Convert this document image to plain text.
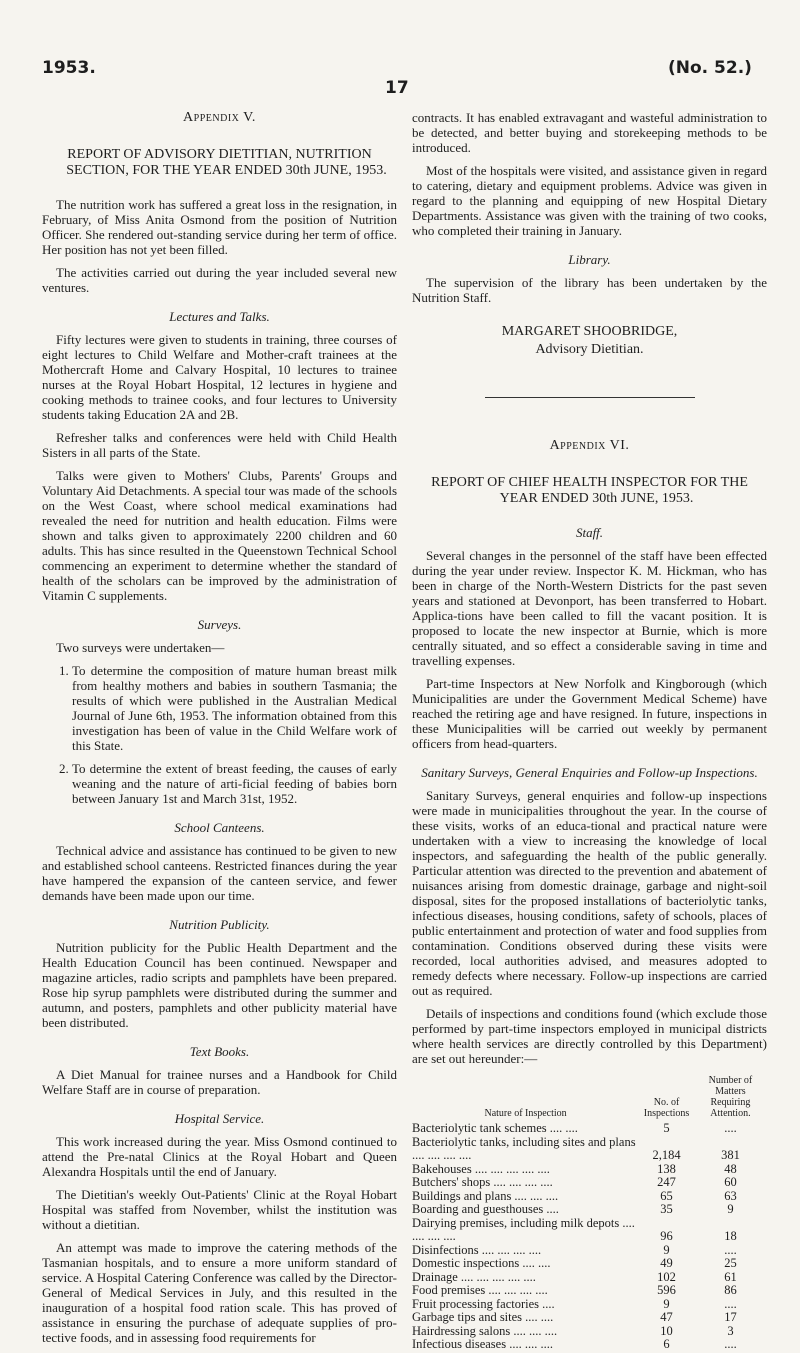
1953.	(No. 52.)
17
Appendix V.
REPORT OF ADVISORY DIETITIAN, NUTRITION SECTION, FOR THE YEAR ENDED 30th JUNE, 1953.

The nutrition work has suffered a great loss in the resignation, in February, of Miss Anita Osmond from the position of Nutrition Officer. She rendered out-standing service during her term of office. Her position has not yet been filled.

The activities carried out during the year included several new ventures.

Lectures and Talks.

Fifty lectures were given to students in training, three courses of eight lectures to Child Welfare and Mother-craft trainees at the Mothercraft Home and Calvary Hospital, 10 lectures to trainee nurses at the Royal Hobart Hospital, 12 lectures in hygiene and cooking methods to trainee cooks, and four lectures to University students taking Education 2A and 2B.

Refresher talks and conferences were held with Child Health Sisters in all parts of the State.

Talks were given to Mothers' Clubs, Parents' Groups and Voluntary Aid Detachments. A special tour was made of the schools on the West Coast, where school medical examinations had revealed the need for nutrition and health education. Films were shown and talks given to approximately 2200 children and 60 adults. This has since resulted in the Queenstown Technical School commencing an experiment to determine whether the standard of health of the scholars can be improved by the administration of Vitamin C supplements.

Surveys.

Two surveys were undertaken—

1. To determine the composition of mature human breast milk from healthy mothers and babies in southern Tasmania; the results of which were published in the Australian Medical Journal of June 6th, 1953. The information obtained from this investigation has been of value in the Child Welfare work of this State.
2. To determine the extent of breast feeding, the causes of early weaning and the nature of arti-ficial feeding of babies born between January 1st and March 31st, 1952.
School Canteens.

Technical advice and assistance has continued to be given to new and established school canteens. Restricted finances during the year have hampered the expansion of the canteen service, and fewer demands have been made upon our time.

Nutrition Publicity.

Nutrition publicity for the Public Health Department and the Health Education Council has been continued. Newspaper and magazine articles, radio scripts and pamphlets have been prepared. Rose hip syrup pamphlets were distributed during the summer and autumn, and posters, pamphlets and other publicity material have been distributed.

Text Books.

A Diet Manual for trainee nurses and a Handbook for Child Welfare Staff are in course of preparation.

Hospital Service.

This work increased during the year. Miss Osmond continued to attend the Pre-natal Clinics at the Royal Hobart and Queen Alexandra Hospitals until the end of January.

The Dietitian's weekly Out-Patients' Clinic at the Royal Hobart Hospital was staffed from November, whilst the institution was without a dietitian.

An attempt was made to improve the catering methods of the Tasmanian hospitals, and to ensure a more uniform standard of service. A Hospital Catering Conference was called by the Director-General of Medical Services in July, and this resulted in the inauguration of a hospital food ration scale. This has proved of assistance in ensuring the purchase of adequate supplies of pro-tective foods, and in assessing food requirements for

contracts. It has enabled extravagant and wasteful administration to be detected, and better buying and storekeeping methods to be introduced.

Most of the hospitals were visited, and assistance given in regard to catering, dietary and equipment problems. Advice was given in regard to the planning and equipping of new Hospital Dietary Departments. Assistance was given with the training of two cooks, who completed their training in January.

Library.

The supervision of the library has been undertaken by the Nutrition Staff.

MARGARET SHOOBRIDGE,
Advisory Dietitian.
Appendix VI.
REPORT OF CHIEF HEALTH INSPECTOR FOR THE YEAR ENDED 30th JUNE, 1953.
Staff.

Several changes in the personnel of the staff have been effected during the year under review. Inspector K. M. Hickman, who has been in charge of the North-Western Districts for the past seven years and stationed at Devonport, has been transferred to Hobart. Applica-tions have been called to fill the vacant position. It is proposed to locate the new inspector at Burnie, which is more centrally situated, and so effect a considerable saving in time and travelling expenses.

Part-time Inspectors at New Norfolk and Kingborough (which Municipalities are under the Government Medical Scheme) have reached the retiring age and have resigned. In future, inspections in these Municipalities will be carried out weekly by permanent officers from head-quarters.

Sanitary Surveys, General Enquiries and Follow-up Inspections.

Sanitary Surveys, general enquiries and follow-up inspections were made in municipalities throughout the year. In the course of these visits, works of an educa-tional and practical nature were undertaken with a view to increasing the knowledge of local inspectors, and safeguarding the health of the public generally. Particular attention was directed to the prevention and abatement of nuisances arising from domestic drainage, garbage and night-soil disposal, sites for the proposed installations of bacteriolytic tanks, infectious diseases, housing conditions, safety of schools, places of public entertainment and protection of water and food supplies from contamination. Conditions observed during these visits were recorded, local authorities advised, and measures adopted to remedy defects where necessary. Follow-up inspections are carried out as required.

Details of inspections and conditions found (which exclude those performed by part-time inspectors employed in municipal districts where health services are directly controlled by this Department) are set out hereunder:—

Nature of Inspection	No. of Inspections	Number of Matters Requiring Attention.
Bacteriolytic tank schemes .... ....	5	....
Bacteriolytic tanks, including sites and plans .... .... .... ....	2,184	381
Bakehouses .... .... .... .... ....	138	48
Butchers' shops .... .... .... ....	247	60
Buildings and plans .... .... ....	65	63
Boarding and guesthouses ....	35	9
Dairying premises, including milk depots .... .... .... ....	96	18
Disinfections .... .... .... ....	9	....
Domestic inspections .... ....	49	25
Drainage .... .... .... .... ....	102	61
Food premises .... .... .... ....	596	86
Fruit processing factories ....	9	....
Garbage tips and sites .... ....	47	17
Hairdressing salons .... .... ....	10	3
Infectious diseases .... .... ....	6	....
